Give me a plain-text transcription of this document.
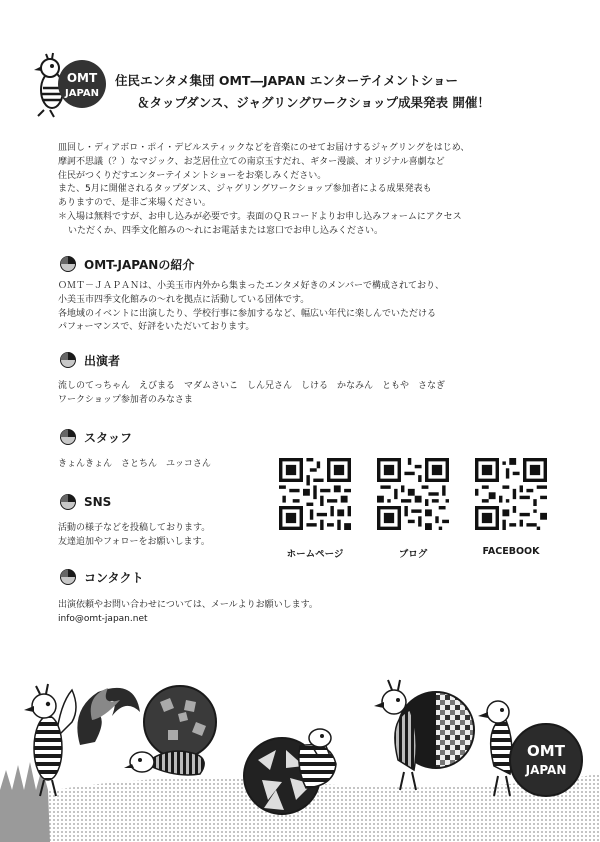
OMT
JAPAN
住民エンタメ集団 OMT―JAPAN エンターテイメントショー
＆タップダンス、ジャグリングワークショップ成果発表 開催！
皿回し・ディアボロ・ポイ・デビルスティックなどを音楽にのせてお届けするジャグリングをはじめ、
摩訶不思議（？）なマジック、お芝居仕立ての南京玉すだれ、ギター漫談、オリジナル喜劇など
住民がつくりだすエンターテイメントショーをお楽しみください。
また、5月に開催されるタップダンス、ジャグリングワークショップ参加者による成果発表も
ありますので、是非ご来場ください。
＊入場は無料ですが、お申し込みが必要です。表面のＱＲコードよりお申し込みフォームにアクセス
いただくか、四季文化館みの～れにお電話または窓口でお申し込みください。
OMT-JAPANの紹介
ＯＭＴ－ＪＡＰＡＮは、小美玉市内外から集まったエンタメ好きのメンバーで構成されており、
小美玉市四季文化館みの～れを拠点に活動している団体です。
各地域のイベントに出演したり、学校行事に参加するなど、幅広い年代に楽しんでいただける
パフォーマンスで、好評をいただいております。
出演者
流しのてっちゃん　えびまる　マダムさいこ　しん兄さん　しける　かなみん　ともや　さなぎ
ワークショップ参加者のみなさま
スタッフ
きょんきょん　さとちん　ユッコさん
SNS
活動の様子などを投稿しております。
友達追加やフォローをお願いします。
コンタクト
出演依頼やお問い合わせについては、メールよりお願いします。
info@omt-japan.net
ホームページ	ブログ	FACEBOOK
OMT
JAPAN
